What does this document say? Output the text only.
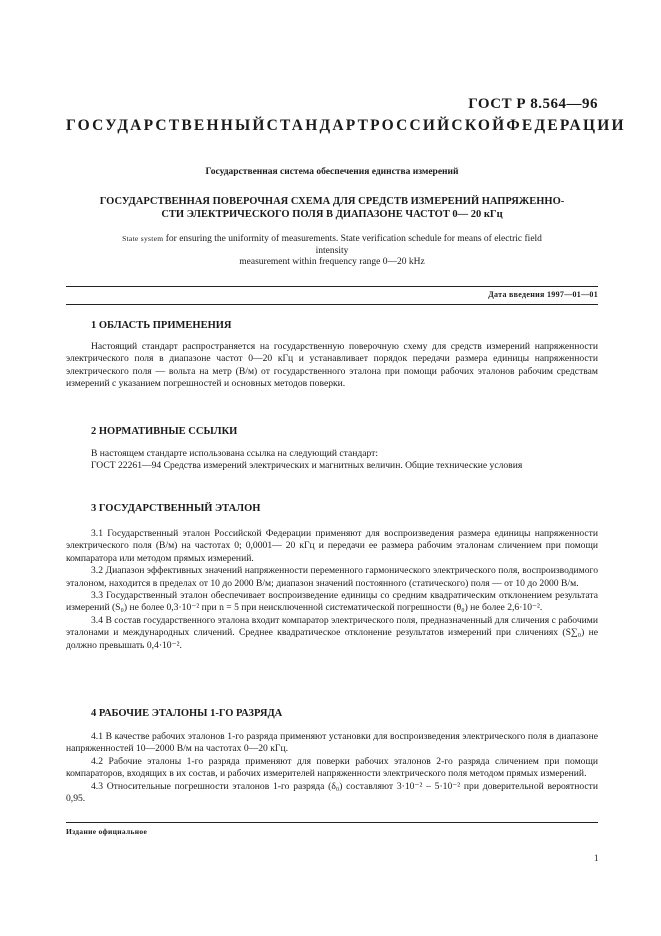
ГОСТ Р 8.564—96
ГОСУДАРСТВЕННЫЙ СТАНДАРТ РОССИЙСКОЙ ФЕДЕРАЦИИ
Государственная система обеспечения единства измерений
ГОСУДАРСТВЕННАЯ ПОВЕРОЧНАЯ СХЕМА ДЛЯ СРЕДСТВ ИЗМЕРЕНИЙ НАПРЯЖЕННО-
СТИ ЭЛЕКТРИЧЕСКОГО ПОЛЯ В ДИАПАЗОНЕ ЧАСТОТ 0— 20 кГц
State system for ensuring the uniformity of measurements. State verification schedule for means of electric field
intensity
measurement within frequency range 0—20 kHz
Дата введения 1997—01—01
1 ОБЛАСТЬ ПРИМЕНЕНИЯ

Настоящий стандарт распространяется на государственную поверочную схему для средств измерений напряженности электрического поля в диапазоне частот 0—20 кГц и устанавливает порядок передачи размера единицы напряженности электрического поля — вольта на метр (В/м) от государственного эталона при помощи рабочих эталонов рабочим средствам измерений с указанием погрешностей и основных методов поверки.

2 НОРМАТИВНЫЕ ССЫЛКИ

В настоящем стандарте использована ссылка на следующий стандарт:

ГОСТ 22261—94 Средства измерений электрических и магнитных величин. Общие технические условия

3 ГОСУДАРСТВЕННЫЙ ЭТАЛОН

3.1 Государственный эталон Российской Федерации применяют для воспроизведения размера единицы напряженности электрического поля (В/м) на частотах 0; 0,0001— 20 кГц и передачи ее размера рабочим эталонам сличением при помощи компаратора или методом прямых измерений.

3.2 Диапазон эффективных значений напряженности переменного гармонического электрического поля, воспроизводимого эталоном, находится в пределах от 10 до 2000 В/м; диапазон значений постоянного (статического) поля — от 10 до 2000 В/м.

3.3 Государственный эталон обеспечивает воспроизведение единицы со средним квадратическим отклонением результата измерений (S₀) не более 0,3·10⁻² при n = 5 при неисключенной систематической погрешности (θ₀) не более 2,6·10⁻².

3.4 В состав государственного эталона входит компаратор электрического поля, предназначенный для сличения с рабочими эталонами и международных сличений. Среднее квадратическое отклонение результатов измерений при сличениях (S∑₀) не должно превышать 0,4·10⁻².

4 РАБОЧИЕ ЭТАЛОНЫ 1-ГО РАЗРЯДА

4.1 В качестве рабочих эталонов 1-го разряда применяют установки для воспроизведения электрического поля в диапазоне напряженностей 10—2000 В/м на частотах 0—20 кГц.

4.2 Рабочие эталоны 1-го разряда применяют для поверки рабочих эталонов 2-го разряда сличением при помощи компараторов, входящих в их состав, и рабочих измерителей напряженности электрического поля методом прямых измерений.

4.3 Относительные погрешности эталонов 1-го разряда (δ₀) составляют 3·10⁻² – 5·10⁻² при доверительной вероятности 0,95.

Издание официальное
1
